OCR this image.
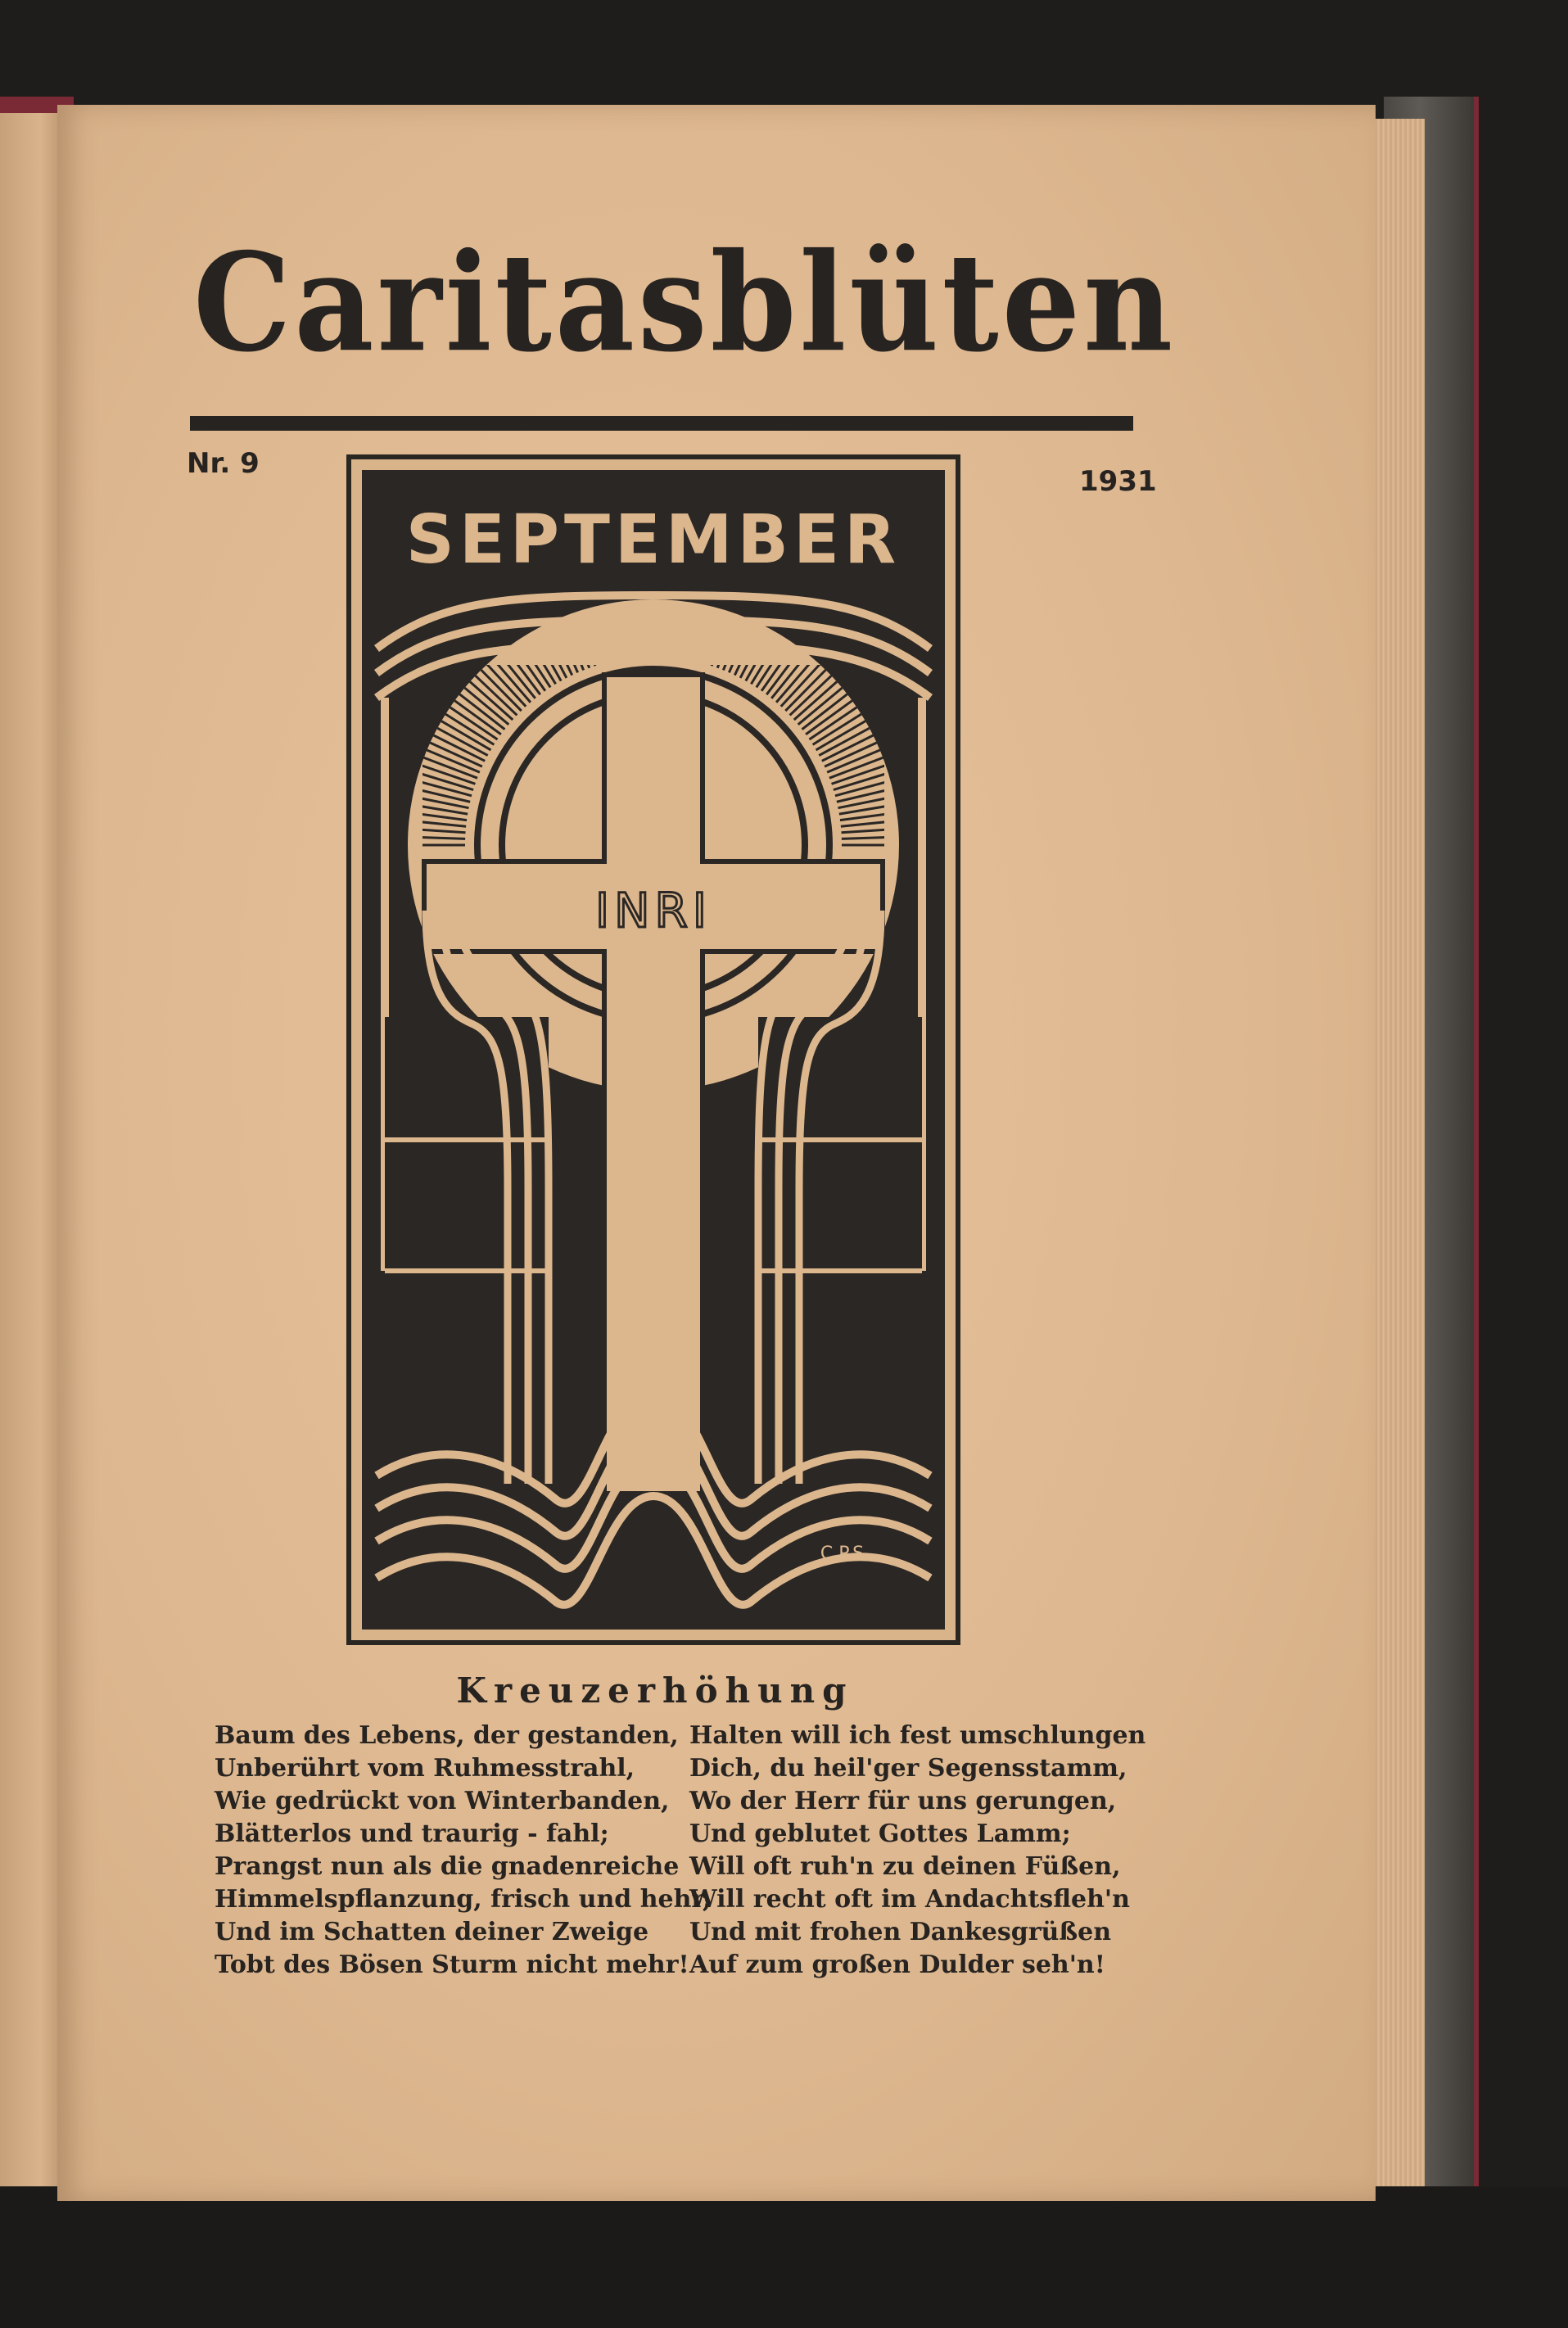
Caritasblüten
Nr. 9
1931
SEPTEMBER
INRI
C.P.S.
Kreuzerhöhung
Baum des Lebens, der gestanden,
Unberührt vom Ruhmesstrahl,
Wie gedrückt von Winterbanden,
Blätterlos und traurig - fahl;
Prangst nun als die gnadenreiche
Himmelspflanzung, frisch und hehr,
Und im Schatten deiner Zweige
Tobt des Bösen Sturm nicht mehr!
Halten will ich fest umschlungen
Dich, du heil'ger Segensstamm,
Wo der Herr für uns gerungen,
Und geblutet Gottes Lamm;
Will oft ruh'n zu deinen Füßen,
Will recht oft im Andachtsfleh'n
Und mit frohen Dankesgrüßen
Auf zum großen Dulder seh'n!
